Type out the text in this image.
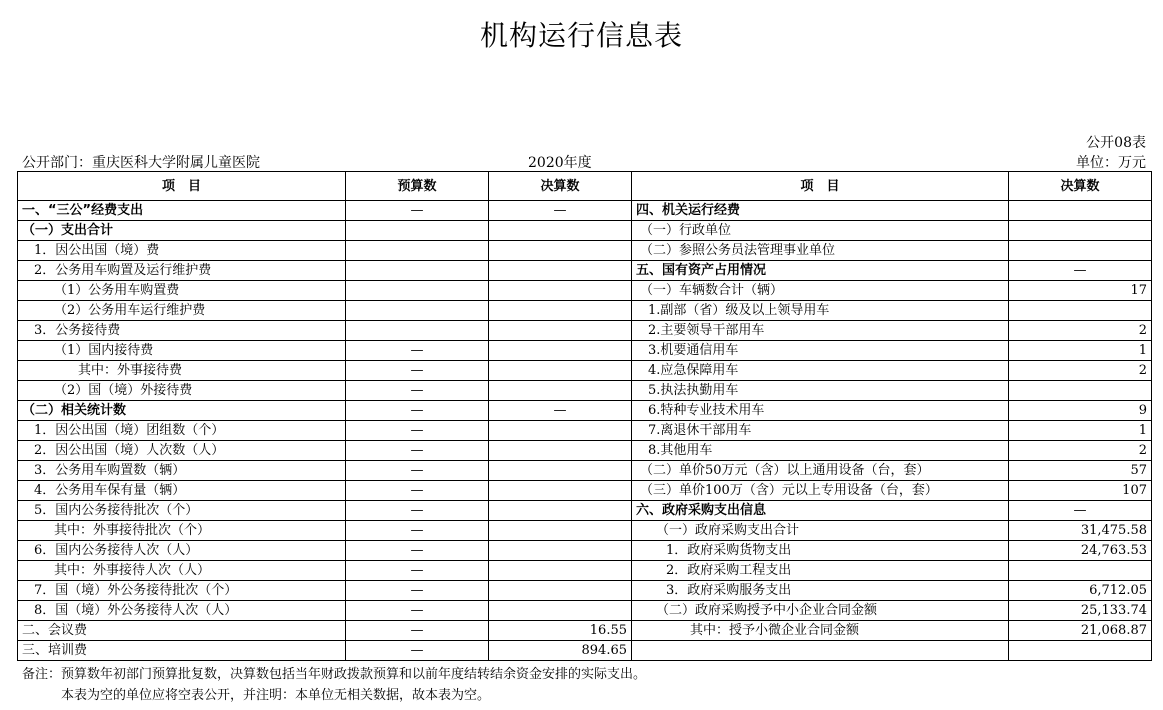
机构运行信息表
公开08表
公开部门：重庆医科大学附属儿童医院	2020年度	单位：万元
项　目	预算数	决算数	项　目	决算数
一、“三公”经费支出	—	—	四、机关运行经费	
（一）支出合计			（一）行政单位	
1．因公出国（境）费			（二）参照公务员法管理事业单位	
2．公务用车购置及运行维护费			五、国有资产占用情况	—
（1）公务用车购置费			（一）车辆数合计（辆）	17
（2）公务用车运行维护费			1.副部（省）级及以上领导用车	
3．公务接待费			2.主要领导干部用车	2
（1）国内接待费	—		3.机要通信用车	1
其中：外事接待费	—		4.应急保障用车	2
（2）国（境）外接待费	—		5.执法执勤用车	
（二）相关统计数	—	—	6.特种专业技术用车	9
1．因公出国（境）团组数（个）	—		7.离退休干部用车	1
2．因公出国（境）人次数（人）	—		8.其他用车	2
3．公务用车购置数（辆）	—		（二）单价50万元（含）以上通用设备（台，套）	57
4．公务用车保有量（辆）	—		（三）单价100万（含）元以上专用设备（台，套）	107
5．国内公务接待批次（个）	—		六、政府采购支出信息	—
其中：外事接待批次（个）	—		（一）政府采购支出合计	31,475.58
6．国内公务接待人次（人）	—		1．政府采购货物支出	24,763.53
其中：外事接待人次（人）	—		2．政府采购工程支出	
7．国（境）外公务接待批次（个）	—		3．政府采购服务支出	6,712.05
8．国（境）外公务接待人次（人）	—		（二）政府采购授予中小企业合同金额	25,133.74
二、会议费	—	16.55	其中：授予小微企业合同金额	21,068.87
三、培训费	—	894.65		
备注：预算数年初部门预算批复数，决算数包括当年财政拨款预算和以前年度结转结余资金安排的实际支出。
本表为空的单位应将空表公开，并注明：本单位无相关数据，故本表为空。
